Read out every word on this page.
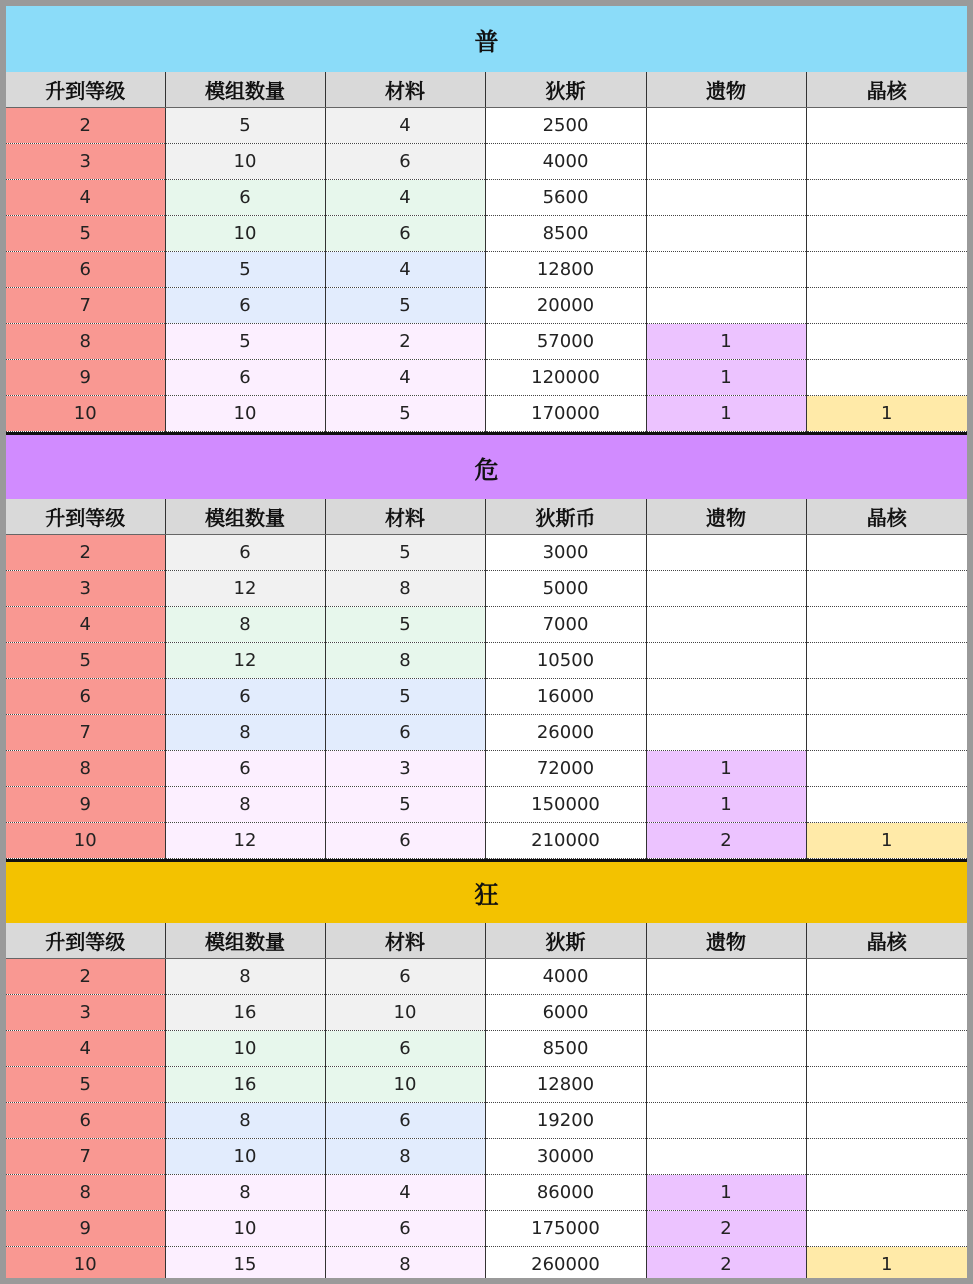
普
升到等级	模组数量	材料	狄斯	遗物	晶核
2	5	4	2500		
3	10	6	4000		
4	6	4	5600		
5	10	6	8500		
6	5	4	12800		
7	6	5	20000		
8	5	2	57000	1	
9	6	4	120000	1	
10	10	5	170000	1	1
危
升到等级	模组数量	材料	狄斯币	遗物	晶核
2	6	5	3000		
3	12	8	5000		
4	8	5	7000		
5	12	8	10500		
6	6	5	16000		
7	8	6	26000		
8	6	3	72000	1	
9	8	5	150000	1	
10	12	6	210000	2	1
狂
升到等级	模组数量	材料	狄斯	遗物	晶核
2	8	6	4000		
3	16	10	6000		
4	10	6	8500		
5	16	10	12800		
6	8	6	19200		
7	10	8	30000		
8	8	4	86000	1	
9	10	6	175000	2	
10	15	8	260000	2	1
